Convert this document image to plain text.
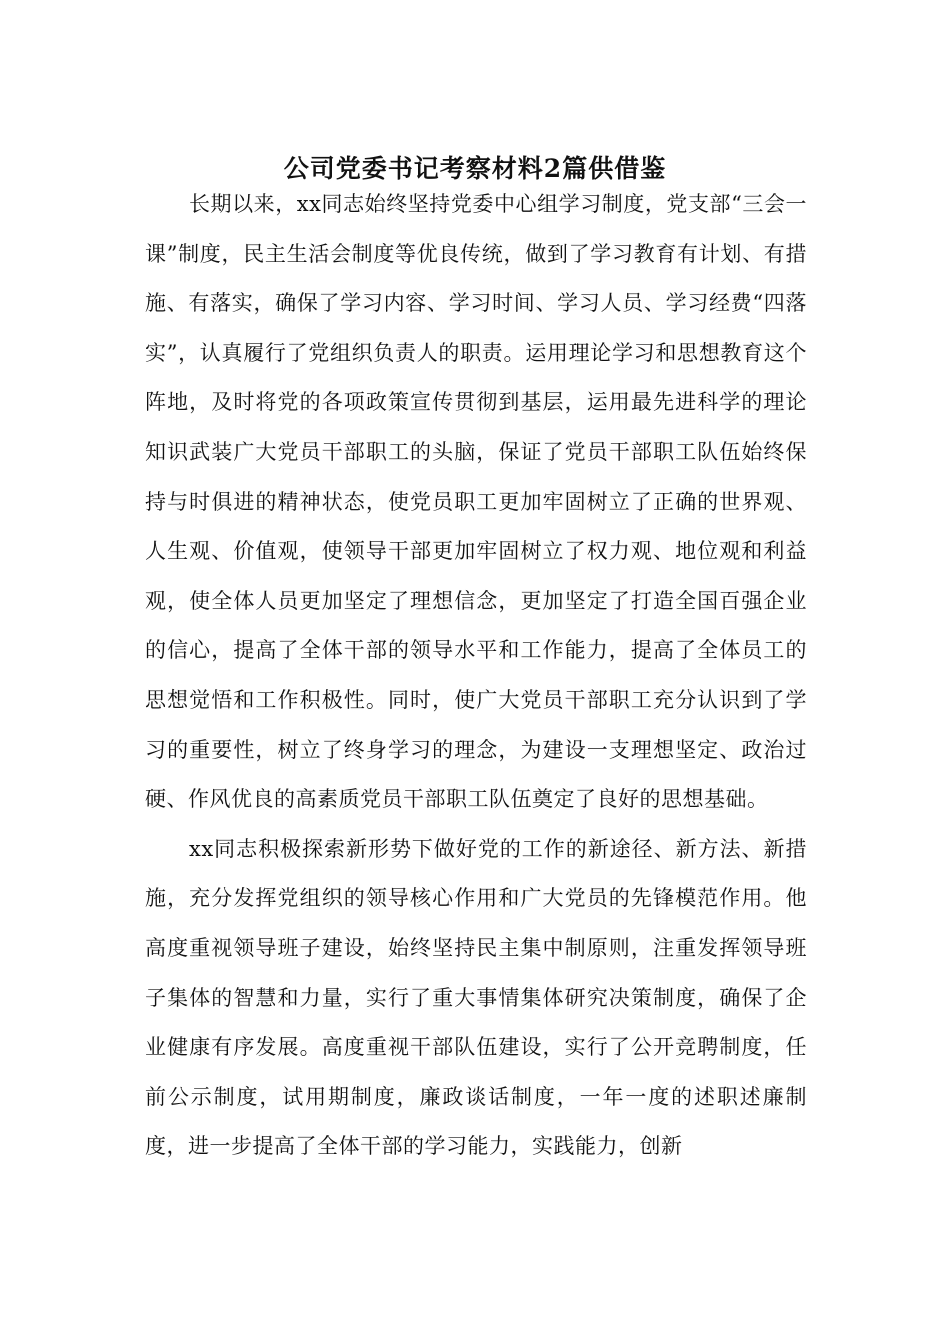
公司党委书记考察材料2篇供借鉴

长期以来，xx同志始终坚持党委中心组学习制度，党支部“三会一课”制度，民主生活会制度等优良传统，做到了学习教育有计划、有措施、有落实，确保了学习内容、学习时间、学习人员、学习经费“四落实”，认真履行了党组织负责人的职责。运用理论学习和思想教育这个阵地，及时将党的各项政策宣传贯彻到基层，运用最先进科学的理论知识武装广大党员干部职工的头脑，保证了党员干部职工队伍始终保持与时俱进的精神状态，使党员职工更加牢固树立了正确的世界观、人生观、价值观，使领导干部更加牢固树立了权力观、地位观和利益观，使全体人员更加坚定了理想信念，更加坚定了打造全国百强企业的信心，提高了全体干部的领导水平和工作能力，提高了全体员工的思想觉悟和工作积极性。同时，使广大党员干部职工充分认识到了学习的重要性，树立了终身学习的理念，为建设一支理想坚定、政治过硬、作风优良的高素质党员干部职工队伍奠定了良好的思想基础。

xx同志积极探索新形势下做好党的工作的新途径、新方法、新措施，充分发挥党组织的领导核心作用和广大党员的先锋模范作用。他高度重视领导班子建设，始终坚持民主集中制原则，注重发挥领导班子集体的智慧和力量，实行了重大事情集体研究决策制度，确保了企业健康有序发展。高度重视干部队伍建设，实行了公开竞聘制度，任前公示制度，试用期制度，廉政谈话制度，一年一度的述职述廉制度，进一步提高了全体干部的学习能力，实践能力，创新
